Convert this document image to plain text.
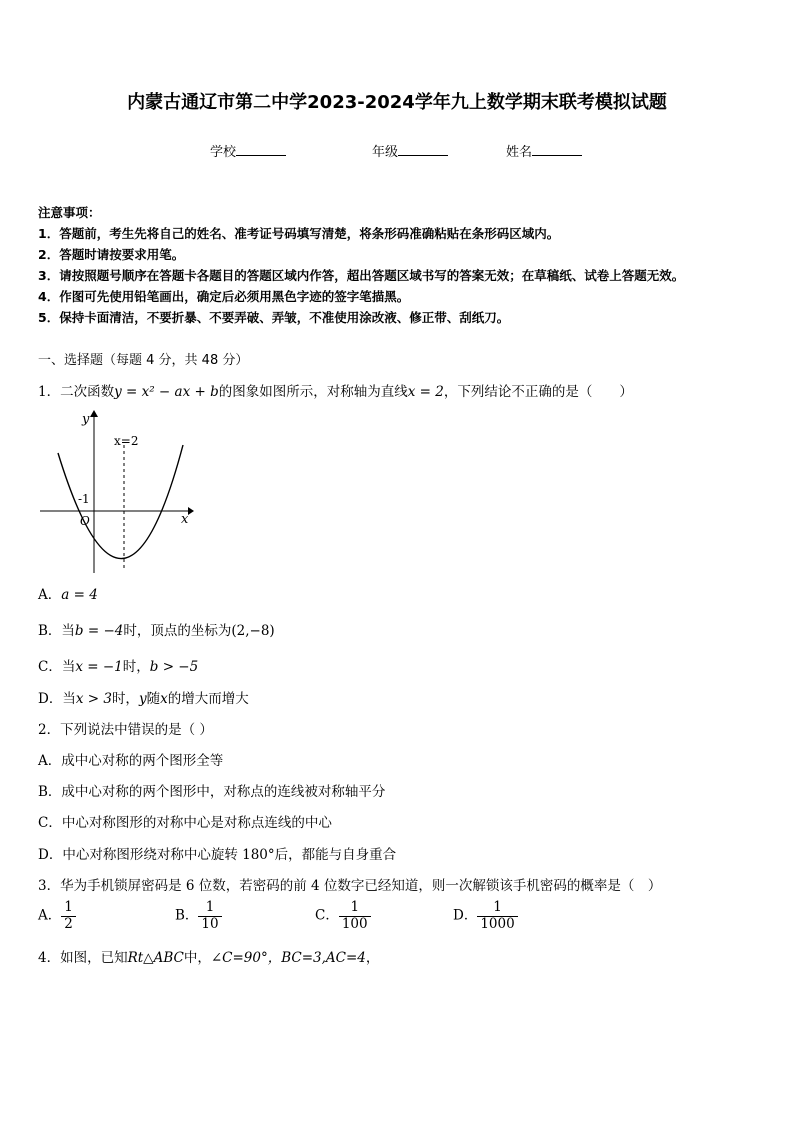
内蒙古通辽市第二中学2023-2024学年九上数学期末联考模拟试题
学校	年级	姓名
注意事项：
1．答题前，考生先将自己的姓名、准考证号码填写清楚，将条形码准确粘贴在条形码区域内。
2．答题时请按要求用笔。
3．请按照题号顺序在答题卡各题目的答题区域内作答，超出答题区域书写的答案无效；在草稿纸、试卷上答题无效。
4．作图可先使用铅笔画出，确定后必须用黑色字迹的签字笔描黑。
5．保持卡面清洁，不要折暴、不要弄破、弄皱，不准使用涂改液、修正带、刮纸刀。
一、选择题（每题 4 分，共 48 分）
1．二次函数y = x² − ax + b的图象如图所示，对称轴为直线x = 2，下列结论不正确的是（　　）
y
x
O
-1
x=2
A．a = 4
B．当b = −4时，顶点的坐标为(2,−8)
C．当x = −1时，b > −5
D．当x > 3时，y随x的增大而增大
2．下列说法中错误的是（ ）
A．成中心对称的两个图形全等
B．成中心对称的两个图形中，对称点的连线被对称轴平分
C．中心对称图形的对称中心是对称点连线的中心
D．中心对称图形绕对称中心旋转 180°后，都能与自身重合
3．华为手机锁屏密码是 6 位数，若密码的前 4 位数字已经知道，则一次解锁该手机密码的概率是（　）
A． $\frac{1}{2}$	B． $\frac{1}{10}$	C． $\frac{1}{100}$	D． $\frac{1}{1000}$
4．如图，已知Rt△ABC中，∠C=90°，BC=3,AC=4，
